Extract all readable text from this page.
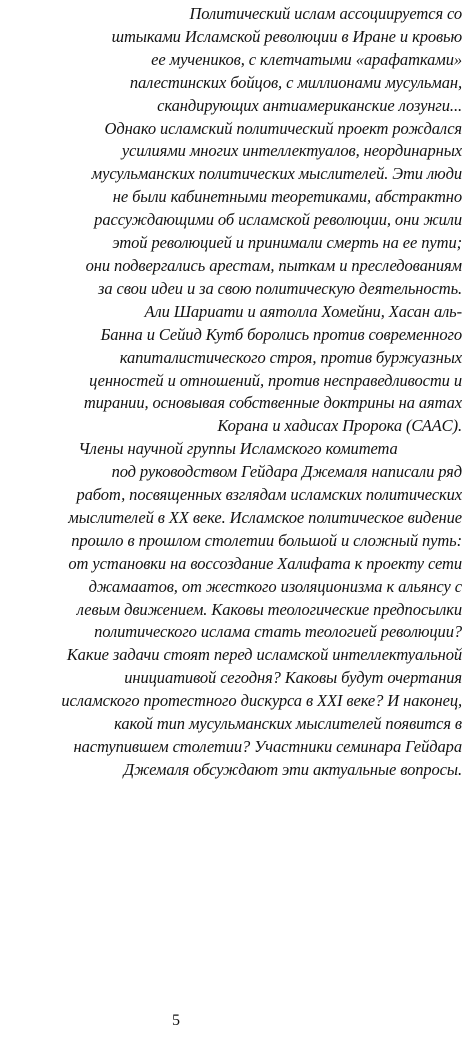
Политический ислам ассоциируется со
штыками Исламской революции в Иране и кровью
ее мучеников, с клетчатыми «арафатками»
палестинских бойцов, с миллионами мусульман,
скандирующих антиамериканские лозунги...
Однако исламский политический проект рождался
усилиями многих интеллектуалов, неординарных
мусульманских политических мыслителей. Эти люди
не были кабинетными теоретиками, абстрактно
рассуждающими об исламской революции, они жили
этой революцией и принимали смерть на ее пути;
они подвергались арестам, пыткам и преследованиям
за свои идеи и за свою политическую деятельность.
Али Шариати и аятолла Хомейни, Хасан аль-
Банна и Сейид Кутб боролись против современного
капиталистического строя, против буржуазных
ценностей и отношений, против несправедливости и
тирании, основывая собственные доктрины на аятах
Корана и хадисах Пророка (САAC).
Члены научной группы Исламского комитета
под руководством Гейдара Джемаля написали ряд
работ, посвященных взглядам исламских политических
мыслителей в XX веке. Исламское политическое видение
прошло в прошлом столетии большой и сложный путь:
от установки на воссоздание Халифата к проекту сети
джамаатов, от жесткого изоляционизма к альянсу с
левым движением. Каковы теологические предпосылки
политического ислама стать теологией революции?
Какие задачи стоят перед исламской интеллектуальной
инициативой сегодня? Каковы будут очертания
исламского протестного дискурса в XXI веке? И наконец,
какой тип мусульманских мыслителей появится в
наступившем столетии? Участники семинара Гейдара
Джемаля обсуждают эти актуальные вопросы.
5
